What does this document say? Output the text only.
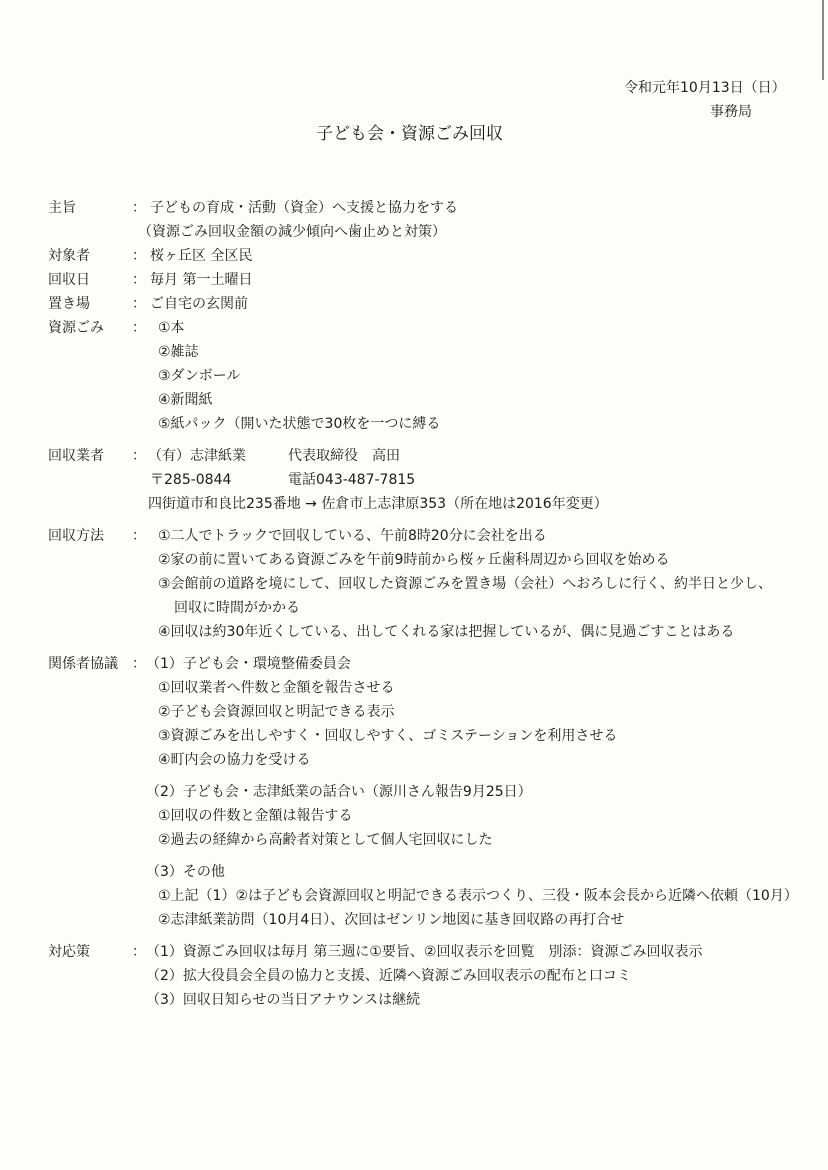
令和元年10月13日（日）
事務局
子ども会・資源ごみ回収
主旨	： 子どもの育成・活動（資金）へ支援と協力をする
（資源ごみ回収金額の減少傾向へ歯止めと対策）
対象者	： 桜ヶ丘区 全区民
回収日	： 毎月 第一土曜日
置き場	： ご自宅の玄関前
資源ごみ ： ①本
②雑誌
③ダンボール
④新聞紙
⑤紙パック（開いた状態で30枚を一つに縛る
回収業者 ： （有）志津紙業	代表取締役　高田
〒285-0844	電話043-487-7815
四街道市和良比235番地 → 佐倉市上志津原353（所在地は2016年変更）
回収方法 ： ①二人でトラックで回収している、午前8時20分に会社を出る
②家の前に置いてある資源ごみを午前9時前から桜ヶ丘歯科周辺から回収を始める
③会館前の道路を境にして、回収した資源ごみを置き場（会社）へおろしに行く、約半日と少し、
回収に時間がかかる
④回収は約30年近くしている、出してくれる家は把握しているが、偶に見過ごすことはある
関係者協議 ： （1）子ども会・環境整備委員会
①回収業者へ件数と金額を報告させる
②子ども会資源回収と明記できる表示
③資源ごみを出しやすく・回収しやすく、ゴミステーションを利用させる
④町内会の協力を受ける
（2）子ども会・志津紙業の話合い（源川さん報告9月25日）
①回収の件数と金額は報告する
②過去の経緯から高齢者対策として個人宅回収にした
（3）その他
①上記（1）②は子ども会資源回収と明記できる表示つくり、三役・阪本会長から近隣へ依頼（10月）
②志津紙業訪問（10月4日）、次回はゼンリン地図に基き回収路の再打合せ
対応策	： （1）資源ごみ回収は毎月 第三週に①要旨、②回収表示を回覧　別添：資源ごみ回収表示
（2）拡大役員会全員の協力と支援、近隣へ資源ごみ回収表示の配布と口コミ
（3）回収日知らせの当日アナウンスは継続
